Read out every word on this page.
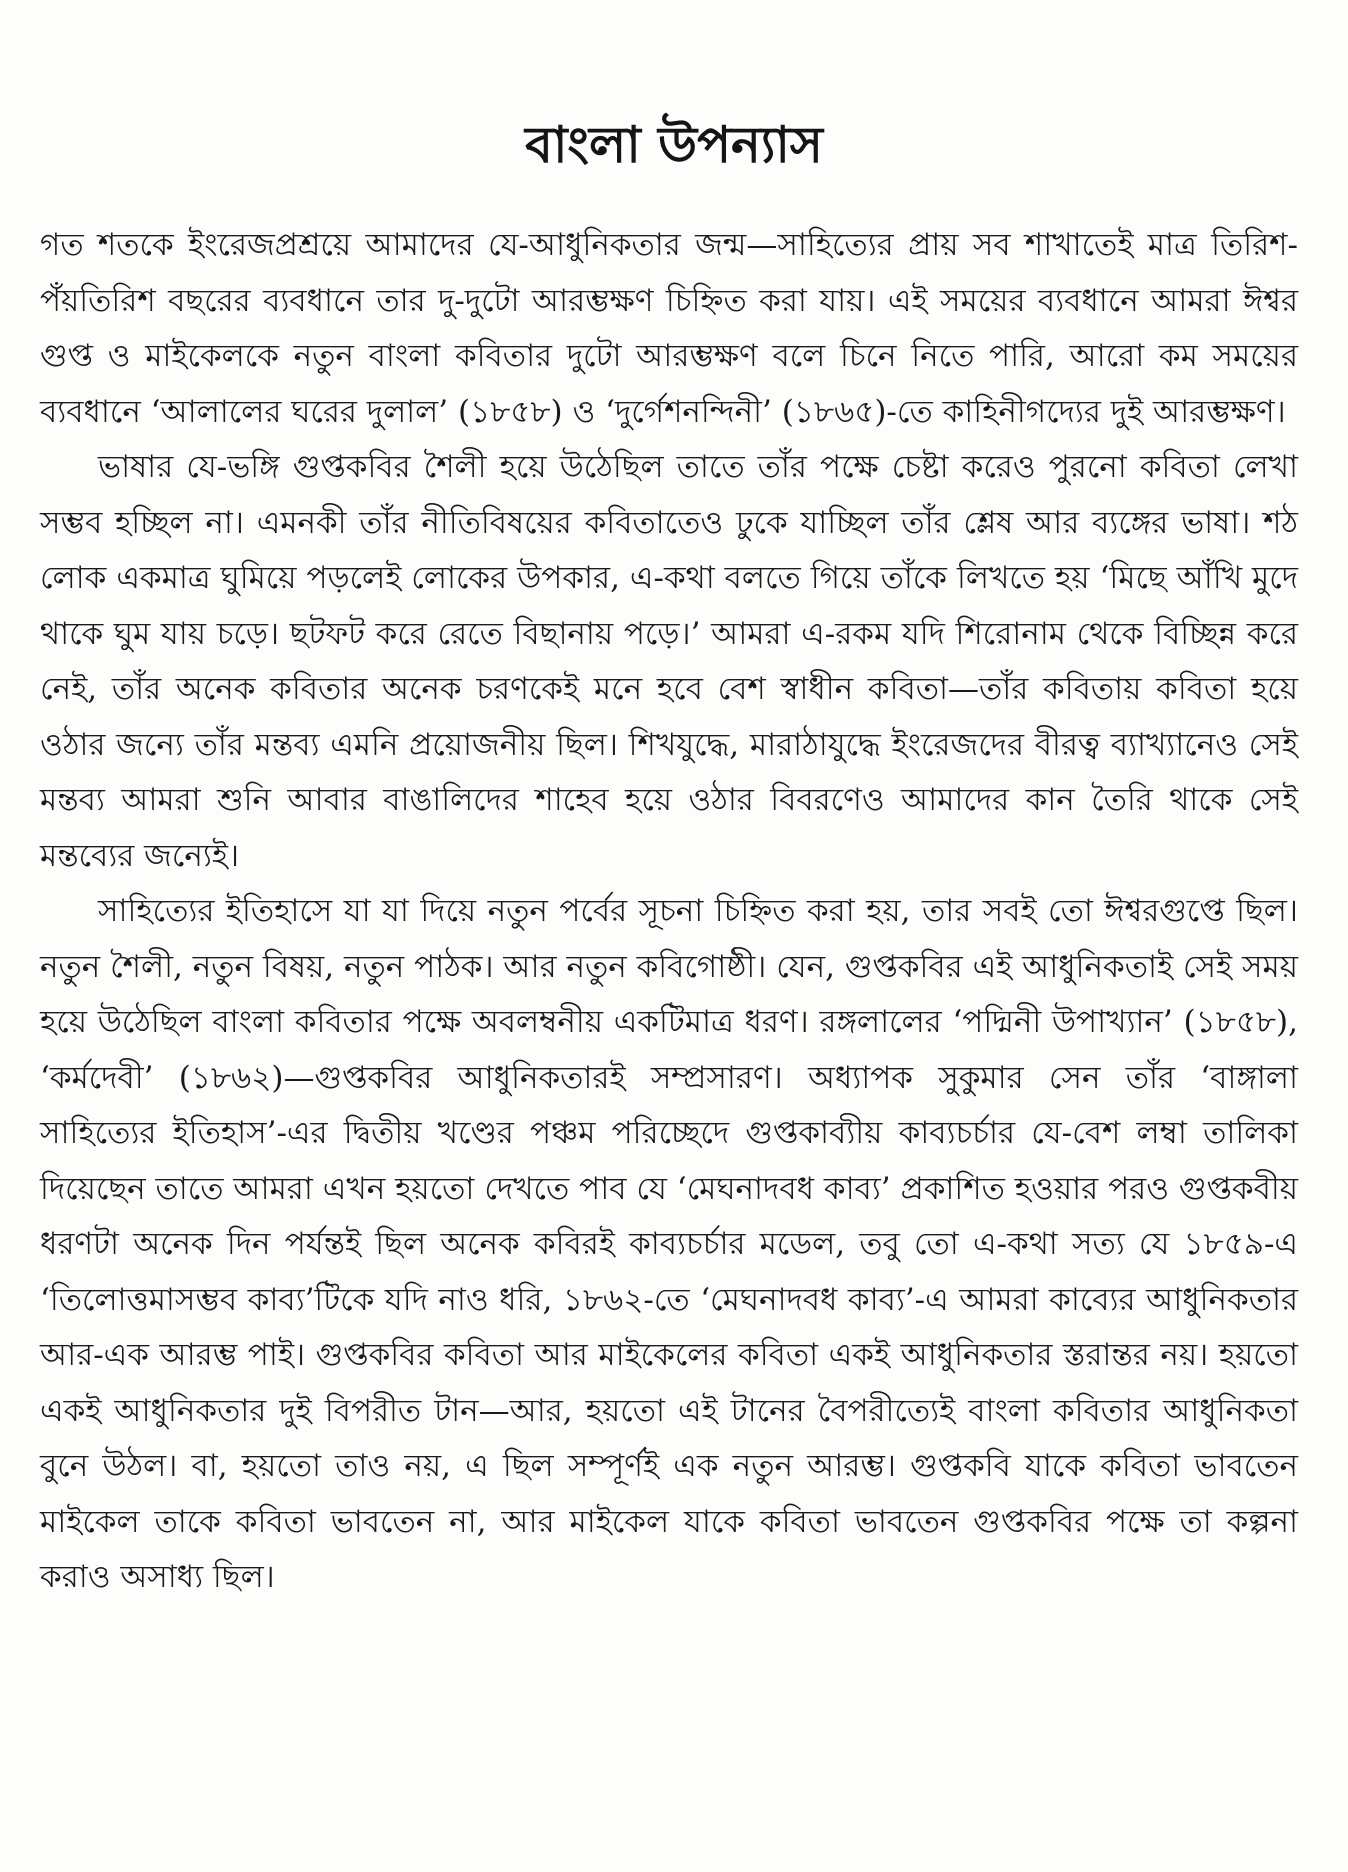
বাংলা উপন্যাস

গত শতকে ইংরেজপ্রশ্রয়ে আমাদের যে-আধুনিকতার জন্ম—সাহিত্যের প্রায় সব শাখাতেই মাত্র তিরিশ-পঁয়তিরিশ বছরের ব্যবধানে তার দু-দুটো আরম্ভক্ষণ চিহ্নিত করা যায়। এই সময়ের ব্যবধানে আমরা ঈশ্বর গুপ্ত ও মাইকেলকে নতুন বাংলা কবিতার দুটো আরম্ভক্ষণ বলে চিনে নিতে পারি, আরো কম সময়ের ব্যবধানে ‘আলালের ঘরের দুলাল’ (১৮৫৮) ও ‘দুর্গেশনন্দিনী’ (১৮৬৫)-তে কাহিনীগদ্যের দুই আরম্ভক্ষণ।

ভাষার যে-ভঙ্গি গুপ্তকবির শৈলী হয়ে উঠেছিল তাতে তাঁর পক্ষে চেষ্টা করেও পুরনো কবিতা লেখা সম্ভব হচ্ছিল না। এমনকী তাঁর নীতিবিষয়ের কবিতাতেও ঢুকে যাচ্ছিল তাঁর শ্লেষ আর ব্যঙ্গের ভাষা। শঠ লোক একমাত্র ঘুমিয়ে পড়লেই লোকের উপকার, এ-কথা বলতে গিয়ে তাঁকে লিখতে হয় ‘মিছে আঁখি মুদে থাকে ঘুম যায় চড়ে। ছটফট করে রেতে বিছানায় পড়ে।’ আমরা এ-রকম যদি শিরোনাম থেকে বিচ্ছিন্ন করে নেই, তাঁর অনেক কবিতার অনেক চরণকেই মনে হবে বেশ স্বাধীন কবিতা—তাঁর কবিতায় কবিতা হয়ে ওঠার জন্যে তাঁর মন্তব্য এমনি প্রয়োজনীয় ছিল। শিখযুদ্ধে, মারাঠাযুদ্ধে ইংরেজদের বীরত্ব ব্যাখ্যানেও সেই মন্তব্য আমরা শুনি আবার বাঙালিদের শাহেব হয়ে ওঠার বিবরণেও আমাদের কান তৈরি থাকে সেই মন্তব্যের জন্যেই।

সাহিত্যের ইতিহাসে যা যা দিয়ে নতুন পর্বের সূচনা চিহ্নিত করা হয়, তার সবই তো ঈশ্বরগুপ্তে ছিল। নতুন শৈলী, নতুন বিষয়, নতুন পাঠক। আর নতুন কবিগোষ্ঠী। যেন, গুপ্তকবির এই আধুনিকতাই সেই সময় হয়ে উঠেছিল বাংলা কবিতার পক্ষে অবলম্বনীয় একটিমাত্র ধরণ। রঙ্গলালের ‘পদ্মিনী উপাখ্যান’ (১৮৫৮), ‘কর্মদেবী’ (১৮৬২)—গুপ্তকবির আধুনিকতারই সম্প্রসারণ। অধ্যাপক সুকুমার সেন তাঁর ‘বাঙ্গালা সাহিত্যের ইতিহাস’-এর দ্বিতীয় খণ্ডের পঞ্চম পরিচ্ছেদে গুপ্তকাব্যীয় কাব্যচর্চার যে-বেশ লম্বা তালিকা দিয়েছেন তাতে আমরা এখন হয়তো দেখতে পাব যে ‘মেঘনাদবধ কাব্য’ প্রকাশিত হওয়ার পরও গুপ্তকবীয় ধরণটা অনেক দিন পর্যন্তই ছিল অনেক কবিরই কাব্যচর্চার মডেল, তবু তো এ-কথা সত্য যে ১৮৫৯-এ ‘তিলোত্তমাসম্ভব কাব্য’টিকে যদি নাও ধরি, ১৮৬২-তে ‘মেঘনাদবধ কাব্য’-এ আমরা কাব্যের আধুনিকতার আর-এক আরম্ভ পাই। গুপ্তকবির কবিতা আর মাইকেলের কবিতা একই আধুনিকতার স্তরান্তর নয়। হয়তো একই আধুনিকতার দুই বিপরীত টান—আর, হয়তো এই টানের বৈপরীত্যেই বাংলা কবিতার আধুনিকতা বুনে উঠল। বা, হয়তো তাও নয়, এ ছিল সম্পূর্ণই এক নতুন আরম্ভ। গুপ্তকবি যাকে কবিতা ভাবতেন মাইকেল তাকে কবিতা ভাবতেন না, আর মাইকেল যাকে কবিতা ভাবতেন গুপ্তকবির পক্ষে তা কল্পনা করাও অসাধ্য ছিল।
